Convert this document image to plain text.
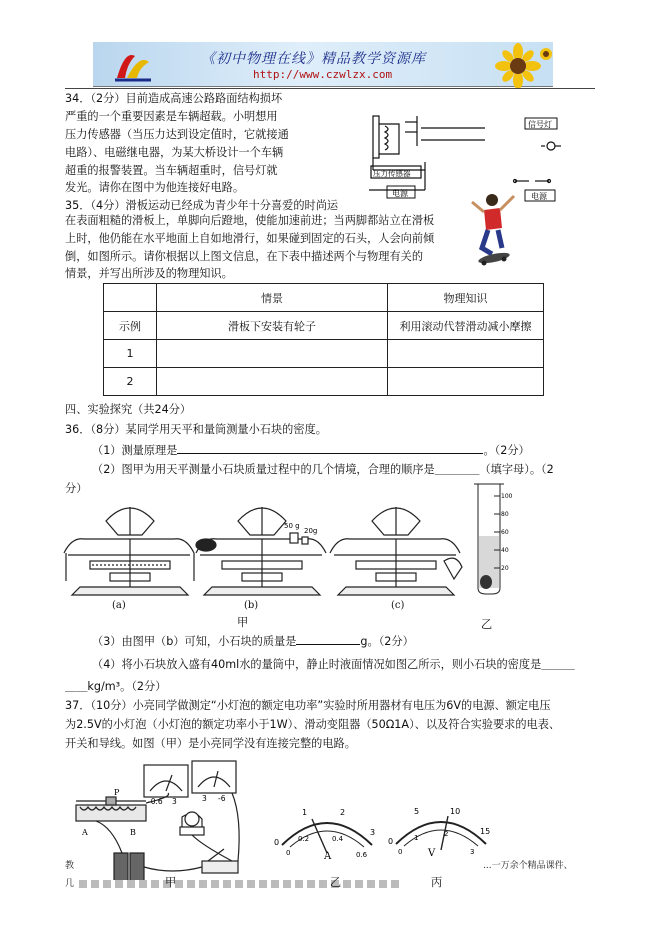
《初中物理在线》精品教学资源库
http://www.czwlzx.com
34．（2分）目前造成高速公路路面结构损坏
严重的一个重要因素是车辆超载。小明想用
压力传感器（当压力达到设定值时，它就接通
电路）、电磁继电器，为某大桥设计一个车辆
超重的报警装置。当车辆超重时，信号灯就
发光。请你在图中为他连接好电路。
信号灯
压力传感器
电源	电源
35．（4分）滑板运动已经成为青少年十分喜爱的时尚运
在表面粗糙的滑板上，单脚向后蹬地，使能加速前进；当两脚都站立在滑板
上时，他仍能在水平地面上自如地滑行，如果碰到固定的石头，人会向前倾
倒，如图所示。请你根据以上图文信息，在下表中描述两个与物理有关的
情景，并写出所涉及的物理知识。
	情景	物理知识
示例	滑板下安装有轮子	利用滚动代替滑动减小摩擦
1		
2		
四、实验探究（共24分）
36．（8分）某同学用天平和量筒测量小石块的密度。
（1）测量原理是	。（2分）
（2）图甲为用天平测量小石块质量过程中的几个情境，合理的顺序是＿＿＿＿（填字母）。（2
分）
50 g
20g
100
80
60
40
20
(a)	(b)	(c)
甲	乙
（3）由图甲（b）可知，小石块的质量是	g。（2分）
（4）将小石块放入盛有40ml水的量筒中，静止时液面情况如图乙所示，则小石块的密度是＿＿＿
＿＿kg/m³。（2分）
37．（10分）小亮同学做测定“小灯泡的额定电功率”实验时所用器材有电压为6V的电源、额定电压
为2.5V的小灯泡（小灯泡的额定功率小于1W）、滑动变阻器（50Ω1A）、以及符合实验要求的电表、
开关和导线。如图（甲）是小亮同学没有连接完整的电路。
P
A	B
-0.6 3	3 -6
0
1	2
3
0
0.2	0.4
0.6
A
0
5	10
15
0
1	2
3
V
教
几
...一万余个精品课件、
甲	乙	丙
